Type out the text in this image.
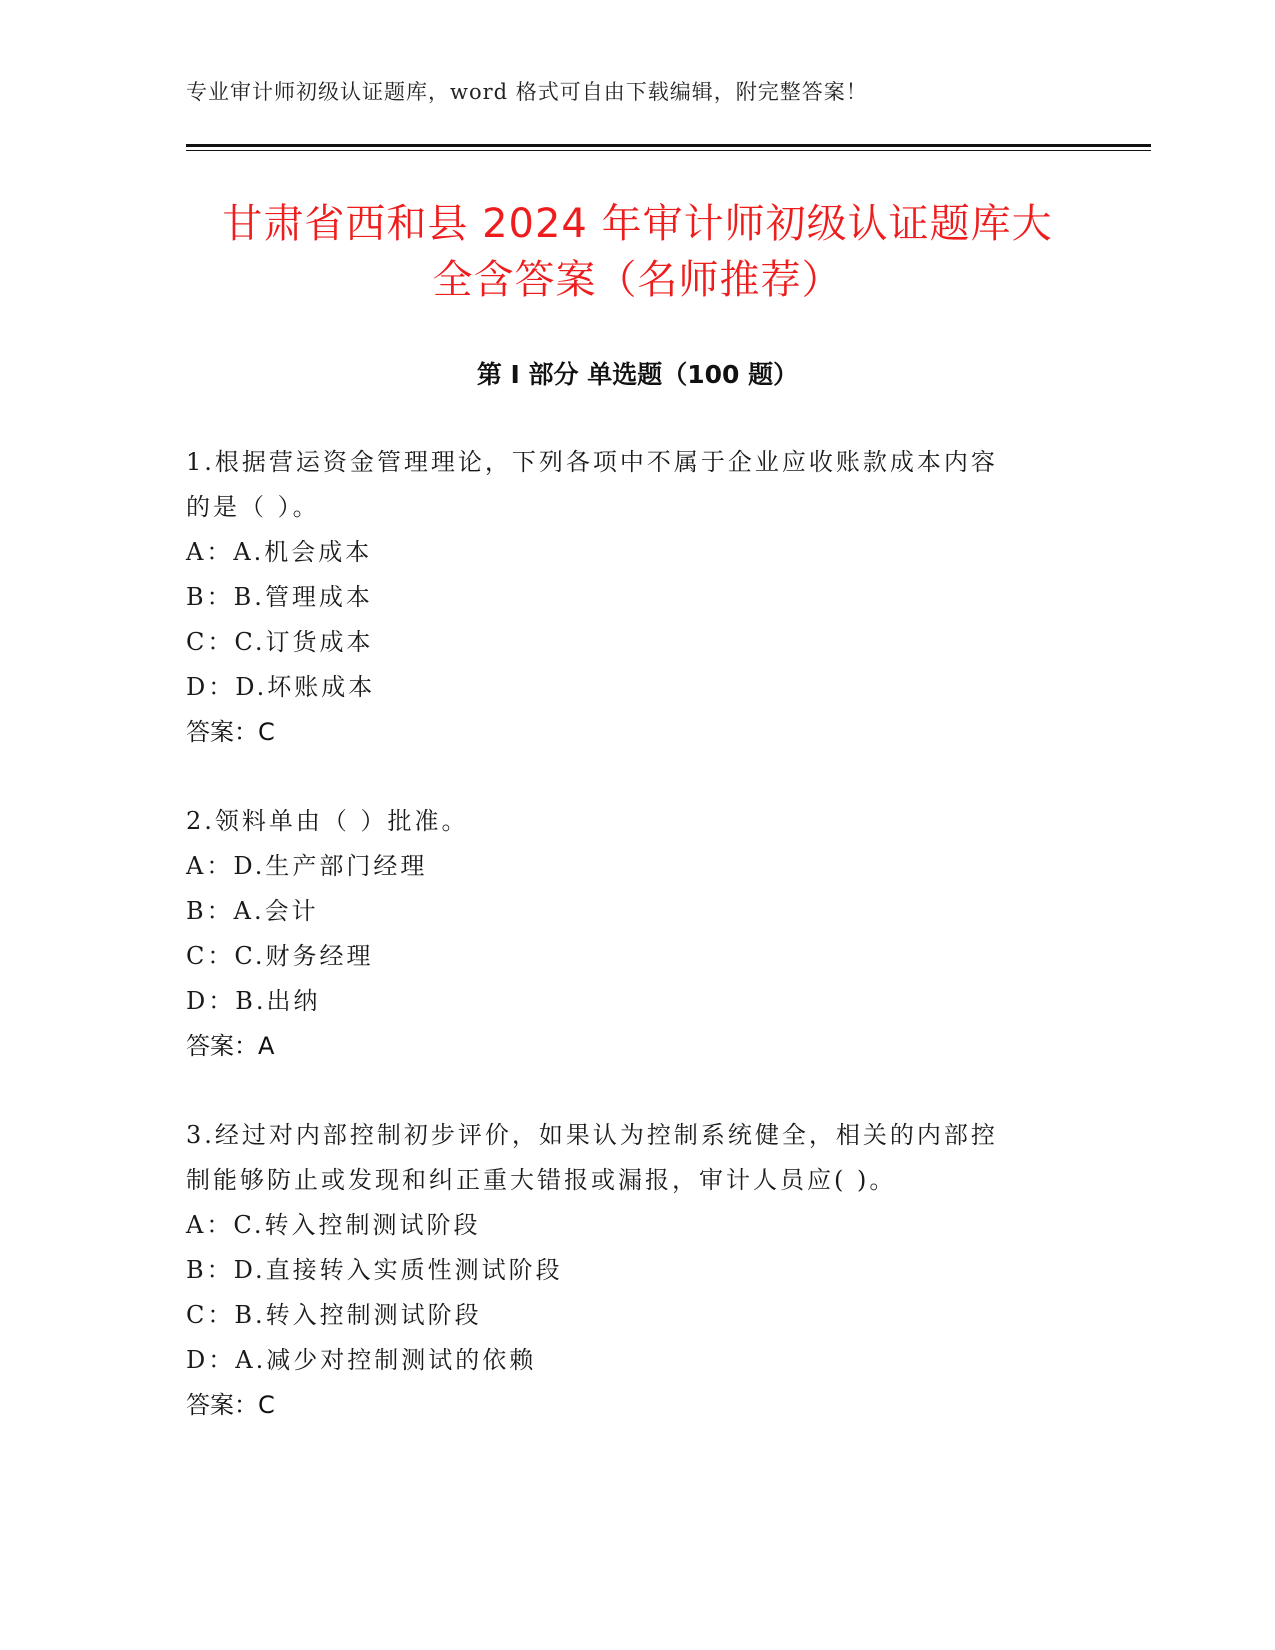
专业审计师初级认证题库，word 格式可自由下载编辑，附完整答案！
甘肃省西和县 2024 年审计师初级认证题库大
全含答案（名师推荐）
第 I 部分 单选题（100 题）
1.根据营运资金管理理论，下列各项中不属于企业应收账款成本内容
的是（ ）。
A：A.机会成本
B：B.管理成本
C：C.订货成本
D：D.坏账成本
答案：C
2.领料单由（ ）批准。
A：D.生产部门经理
B：A.会计
C：C.财务经理
D：B.出纳
答案：A
3.经过对内部控制初步评价，如果认为控制系统健全，相关的内部控
制能够防止或发现和纠正重大错报或漏报，审计人员应( )。
A：C.转入控制测试阶段
B：D.直接转入实质性测试阶段
C：B.转入控制测试阶段
D：A.减少对控制测试的依赖
答案：C
